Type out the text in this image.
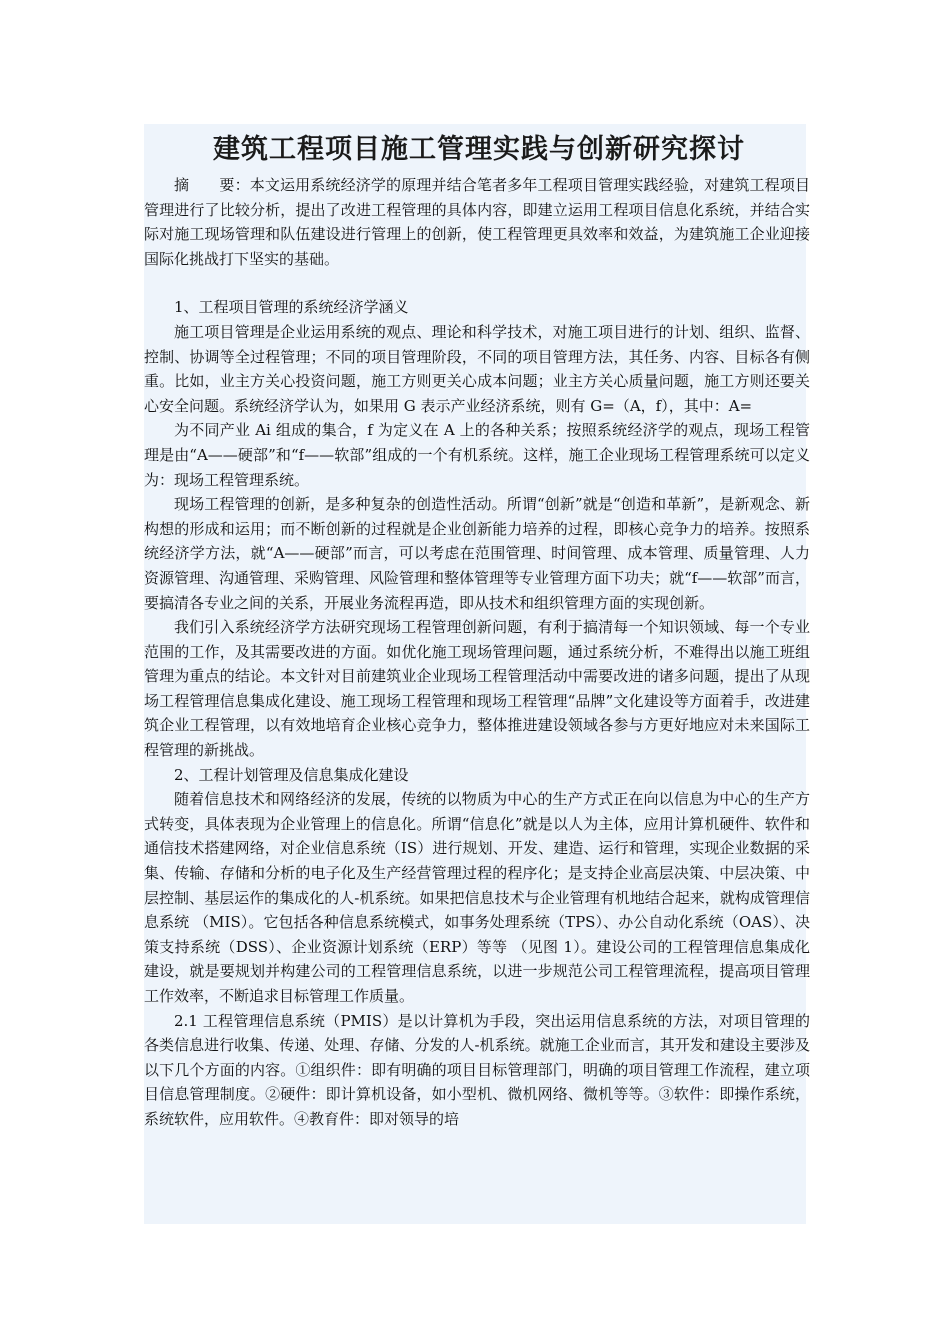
建筑工程项目施工管理实践与创新研究探讨

摘　　要：本文运用系统经济学的原理并结合笔者多年工程项目管理实践经验，对建筑工程项目管理进行了比较分析，提出了改进工程管理的具体内容，即建立运用工程项目信息化系统，并结合实际对施工现场管理和队伍建设进行管理上的创新，使工程管理更具效率和效益，为建筑施工企业迎接国际化挑战打下坚实的基础。

1、工程项目管理的系统经济学涵义

施工项目管理是企业运用系统的观点、理论和科学技术，对施工项目进行的计划、组织、监督、控制、协调等全过程管理；不同的项目管理阶段，不同的项目管理方法，其任务、内容、目标各有侧重。比如，业主方关心投资问题，施工方则更关心成本问题；业主方关心质量问题，施工方则还要关心安全问题。系统经济学认为，如果用 G 表示产业经济系统，则有 G=（A，f），其中：A=

为不同产业 Ai 组成的集合，f 为定义在 A 上的各种关系；按照系统经济学的观点，现场工程管理是由“A——硬部”和“f——软部”组成的一个有机系统。这样，施工企业现场工程管理系统可以定义为：现场工程管理系统。

现场工程管理的创新，是多种复杂的创造性活动。所谓“创新”就是“创造和革新”，是新观念、新构想的形成和运用；而不断创新的过程就是企业创新能力培养的过程，即核心竞争力的培养。按照系统经济学方法，就“A——硬部”而言，可以考虑在范围管理、时间管理、成本管理、质量管理、人力资源管理、沟通管理、采购管理、风险管理和整体管理等专业管理方面下功夫；就“f——软部”而言，要搞清各专业之间的关系，开展业务流程再造，即从技术和组织管理方面的实现创新。

我们引入系统经济学方法研究现场工程管理创新问题，有利于搞清每一个知识领域、每一个专业范围的工作，及其需要改进的方面。如优化施工现场管理问题，通过系统分析，不难得出以施工班组管理为重点的结论。本文针对目前建筑业企业现场工程管理活动中需要改进的诸多问题，提出了从现场工程管理信息集成化建设、施工现场工程管理和现场工程管理“品牌”文化建设等方面着手，改进建筑企业工程管理，以有效地培育企业核心竞争力，整体推进建设领域各参与方更好地应对未来国际工程管理的新挑战。

2、工程计划管理及信息集成化建设

随着信息技术和网络经济的发展，传统的以物质为中心的生产方式正在向以信息为中心的生产方式转变，具体表现为企业管理上的信息化。所谓“信息化”就是以人为主体，应用计算机硬件、软件和通信技术搭建网络，对企业信息系统（IS）进行规划、开发、建造、运行和管理，实现企业数据的采集、传输、存储和分析的电子化及生产经营管理过程的程序化；是支持企业高层决策、中层决策、中层控制、基层运作的集成化的人-机系统。如果把信息技术与企业管理有机地结合起来，就构成管理信息系统 （MIS）。它包括各种信息系统模式，如事务处理系统（TPS）、办公自动化系统（OAS）、决策支持系统（DSS）、企业资源计划系统（ERP）等等 （见图 1）。建设公司的工程管理信息集成化建设，就是要规划并构建公司的工程管理信息系统，以进一步规范公司工程管理流程，提高项目管理工作效率，不断追求目标管理工作质量。

2.1 工程管理信息系统（PMIS）是以计算机为手段，突出运用信息系统的方法，对项目管理的各类信息进行收集、传递、处理、存储、分发的人-机系统。就施工企业而言，其开发和建设主要涉及以下几个方面的内容。①组织件：即有明确的项目目标管理部门，明确的项目管理工作流程，建立项目信息管理制度。②硬件：即计算机设备，如小型机、微机网络、微机等等。③软件：即操作系统，系统软件，应用软件。④教育件：即对领导的培
